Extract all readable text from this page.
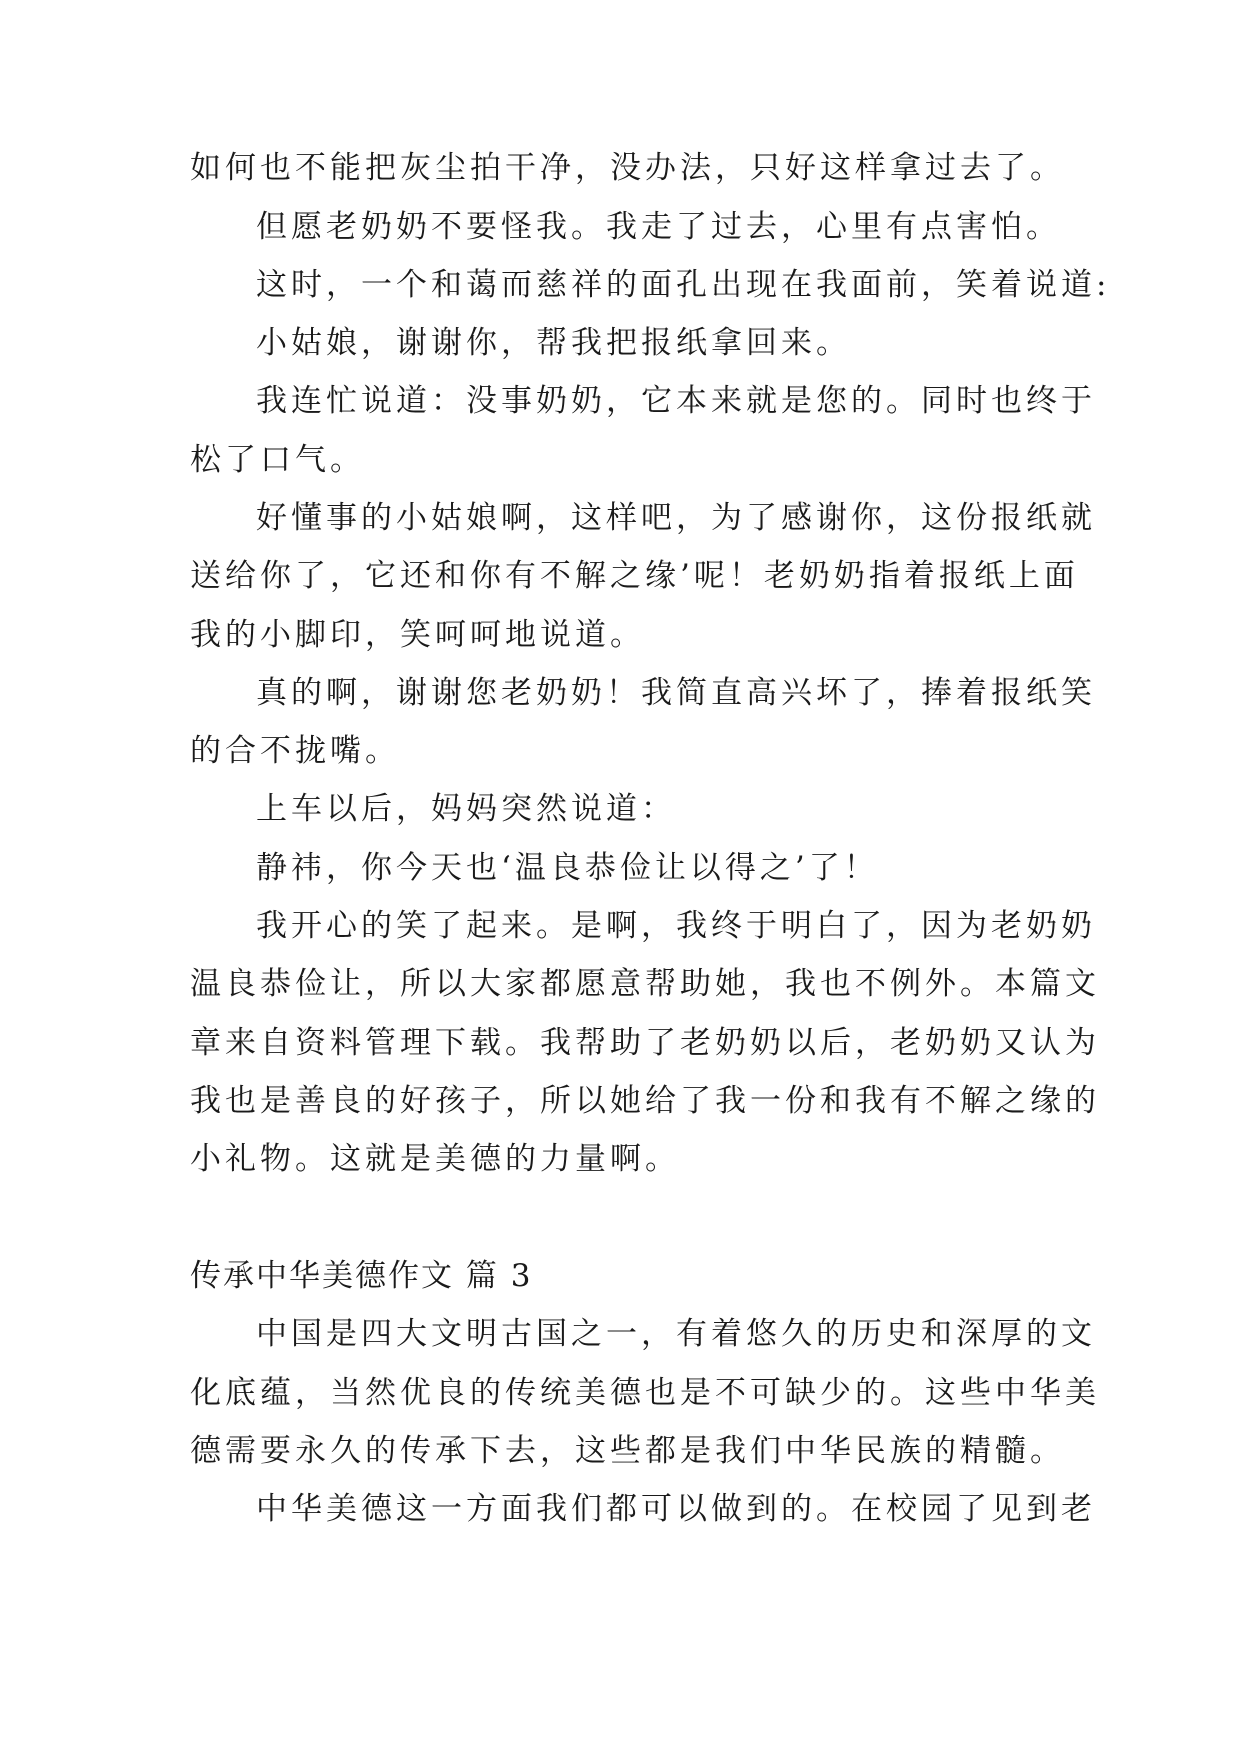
如何也不能把灰尘拍干净，没办法，只好这样拿过去了。
但愿老奶奶不要怪我。我走了过去，心里有点害怕。
这时，一个和蔼而慈祥的面孔出现在我面前，笑着说道:
小姑娘，谢谢你，帮我把报纸拿回来。
我连忙说道：没事奶奶，它本来就是您的。同时也终于
松了口气。
好懂事的小姑娘啊，这样吧，为了感谢你，这份报纸就
送给你了，它还和你有不解之缘’呢！老奶奶指着报纸上面
我的小脚印，笑呵呵地说道。
真的啊，谢谢您老奶奶！我简直高兴坏了，捧着报纸笑
的合不拢嘴。
上车以后，妈妈突然说道：
静祎，你今天也‘温良恭俭让以得之’了！
我开心的笑了起来。是啊，我终于明白了，因为老奶奶
温良恭俭让，所以大家都愿意帮助她，我也不例外。本篇文
章来自资料管理下载。我帮助了老奶奶以后，老奶奶又认为
我也是善良的好孩子，所以她给了我一份和我有不解之缘的
小礼物。这就是美德的力量啊。
传承中华美德作文 篇 3
中国是四大文明古国之一，有着悠久的历史和深厚的文
化底蕴，当然优良的传统美德也是不可缺少的。这些中华美
德需要永久的传承下去，这些都是我们中华民族的精髓。
中华美德这一方面我们都可以做到的。在校园了见到老
